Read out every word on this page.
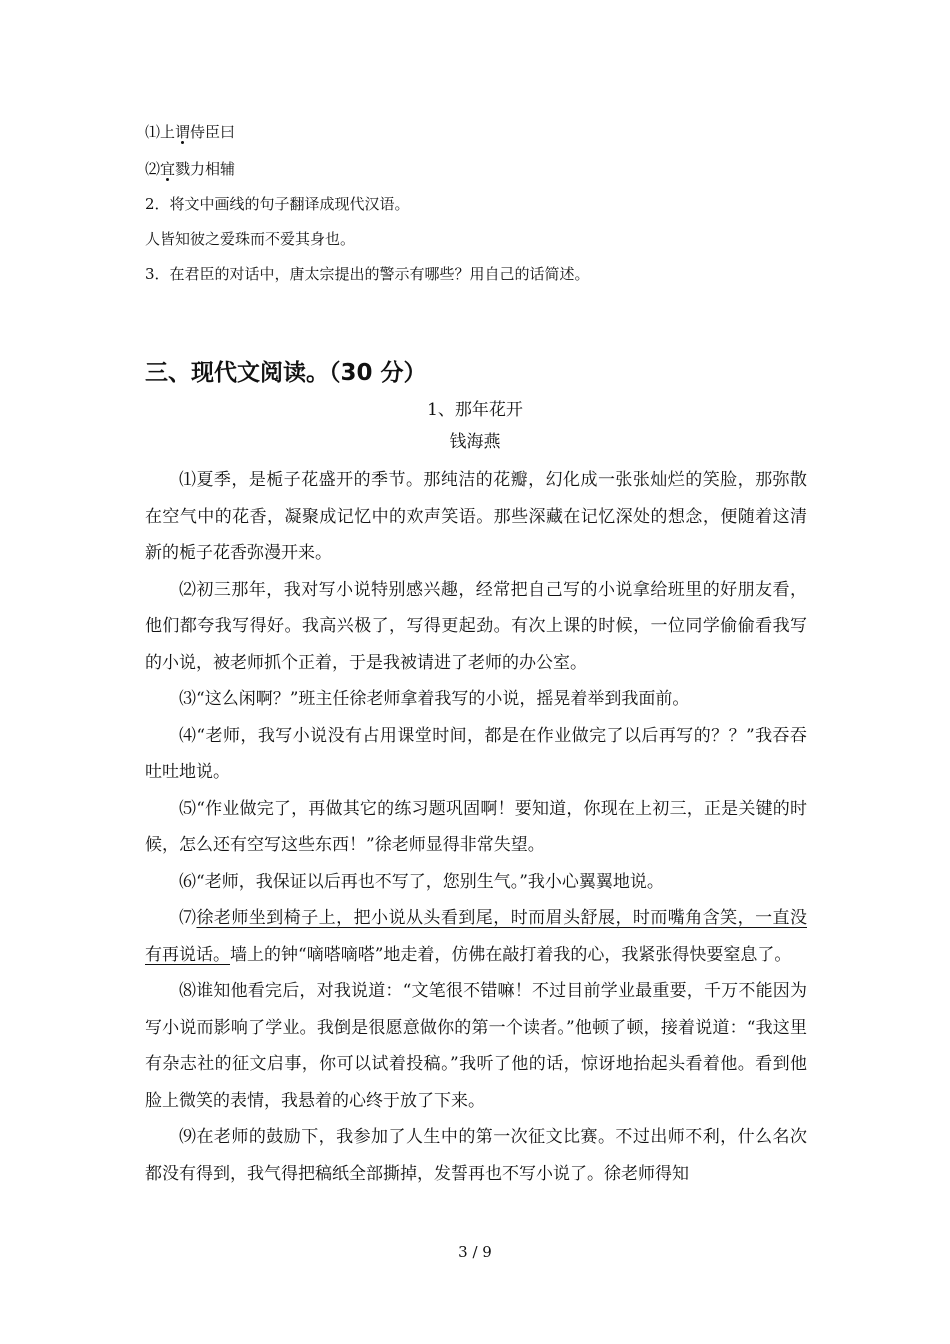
⑴上谓侍臣曰
⑵宜戮力相辅
2．将文中画线的句子翻译成现代汉语。
人皆知彼之爱珠而不爱其身也。
3．在君臣的对话中，唐太宗提出的警示有哪些？用自己的话简述。
三、现代文阅读。（30 分）
1、那年花开
钱海燕

⑴夏季，是栀子花盛开的季节。那纯洁的花瓣，幻化成一张张灿烂的笑脸，那弥散在空气中的花香，凝聚成记忆中的欢声笑语。那些深藏在记忆深处的想念，便随着这清新的栀子花香弥漫开来。

⑵初三那年，我对写小说特别感兴趣，经常把自己写的小说拿给班里的好朋友看，他们都夸我写得好。我高兴极了，写得更起劲。有次上课的时候，一位同学偷偷看我写的小说，被老师抓个正着，于是我被请进了老师的办公室。

⑶“这么闲啊？”班主任徐老师拿着我写的小说，摇晃着举到我面前。

⑷“老师，我写小说没有占用课堂时间，都是在作业做完了以后再写的？？”我吞吞吐吐地说。

⑸“作业做完了，再做其它的练习题巩固啊！要知道，你现在上初三，正是关键的时候，怎么还有空写这些东西！”徐老师显得非常失望。

⑹“老师，我保证以后再也不写了，您别生气。”我小心翼翼地说。

⑺徐老师坐到椅子上，把小说从头看到尾，时而眉头舒展，时而嘴角含笑，一直没有再说话。墙上的钟“嘀嗒嘀嗒”地走着，仿佛在敲打着我的心，我紧张得快要窒息了。

⑻谁知他看完后，对我说道：“文笔很不错嘛！不过目前学业最重要，千万不能因为写小说而影响了学业。我倒是很愿意做你的第一个读者。”他顿了顿，接着说道：“我这里有杂志社的征文启事，你可以试着投稿。”我听了他的话，惊讶地抬起头看着他。看到他脸上微笑的表情，我悬着的心终于放了下来。

⑼在老师的鼓励下，我参加了人生中的第一次征文比赛。不过出师不利，什么名次都没有得到，我气得把稿纸全部撕掉，发誓再也不写小说了。徐老师得知

3 / 9
